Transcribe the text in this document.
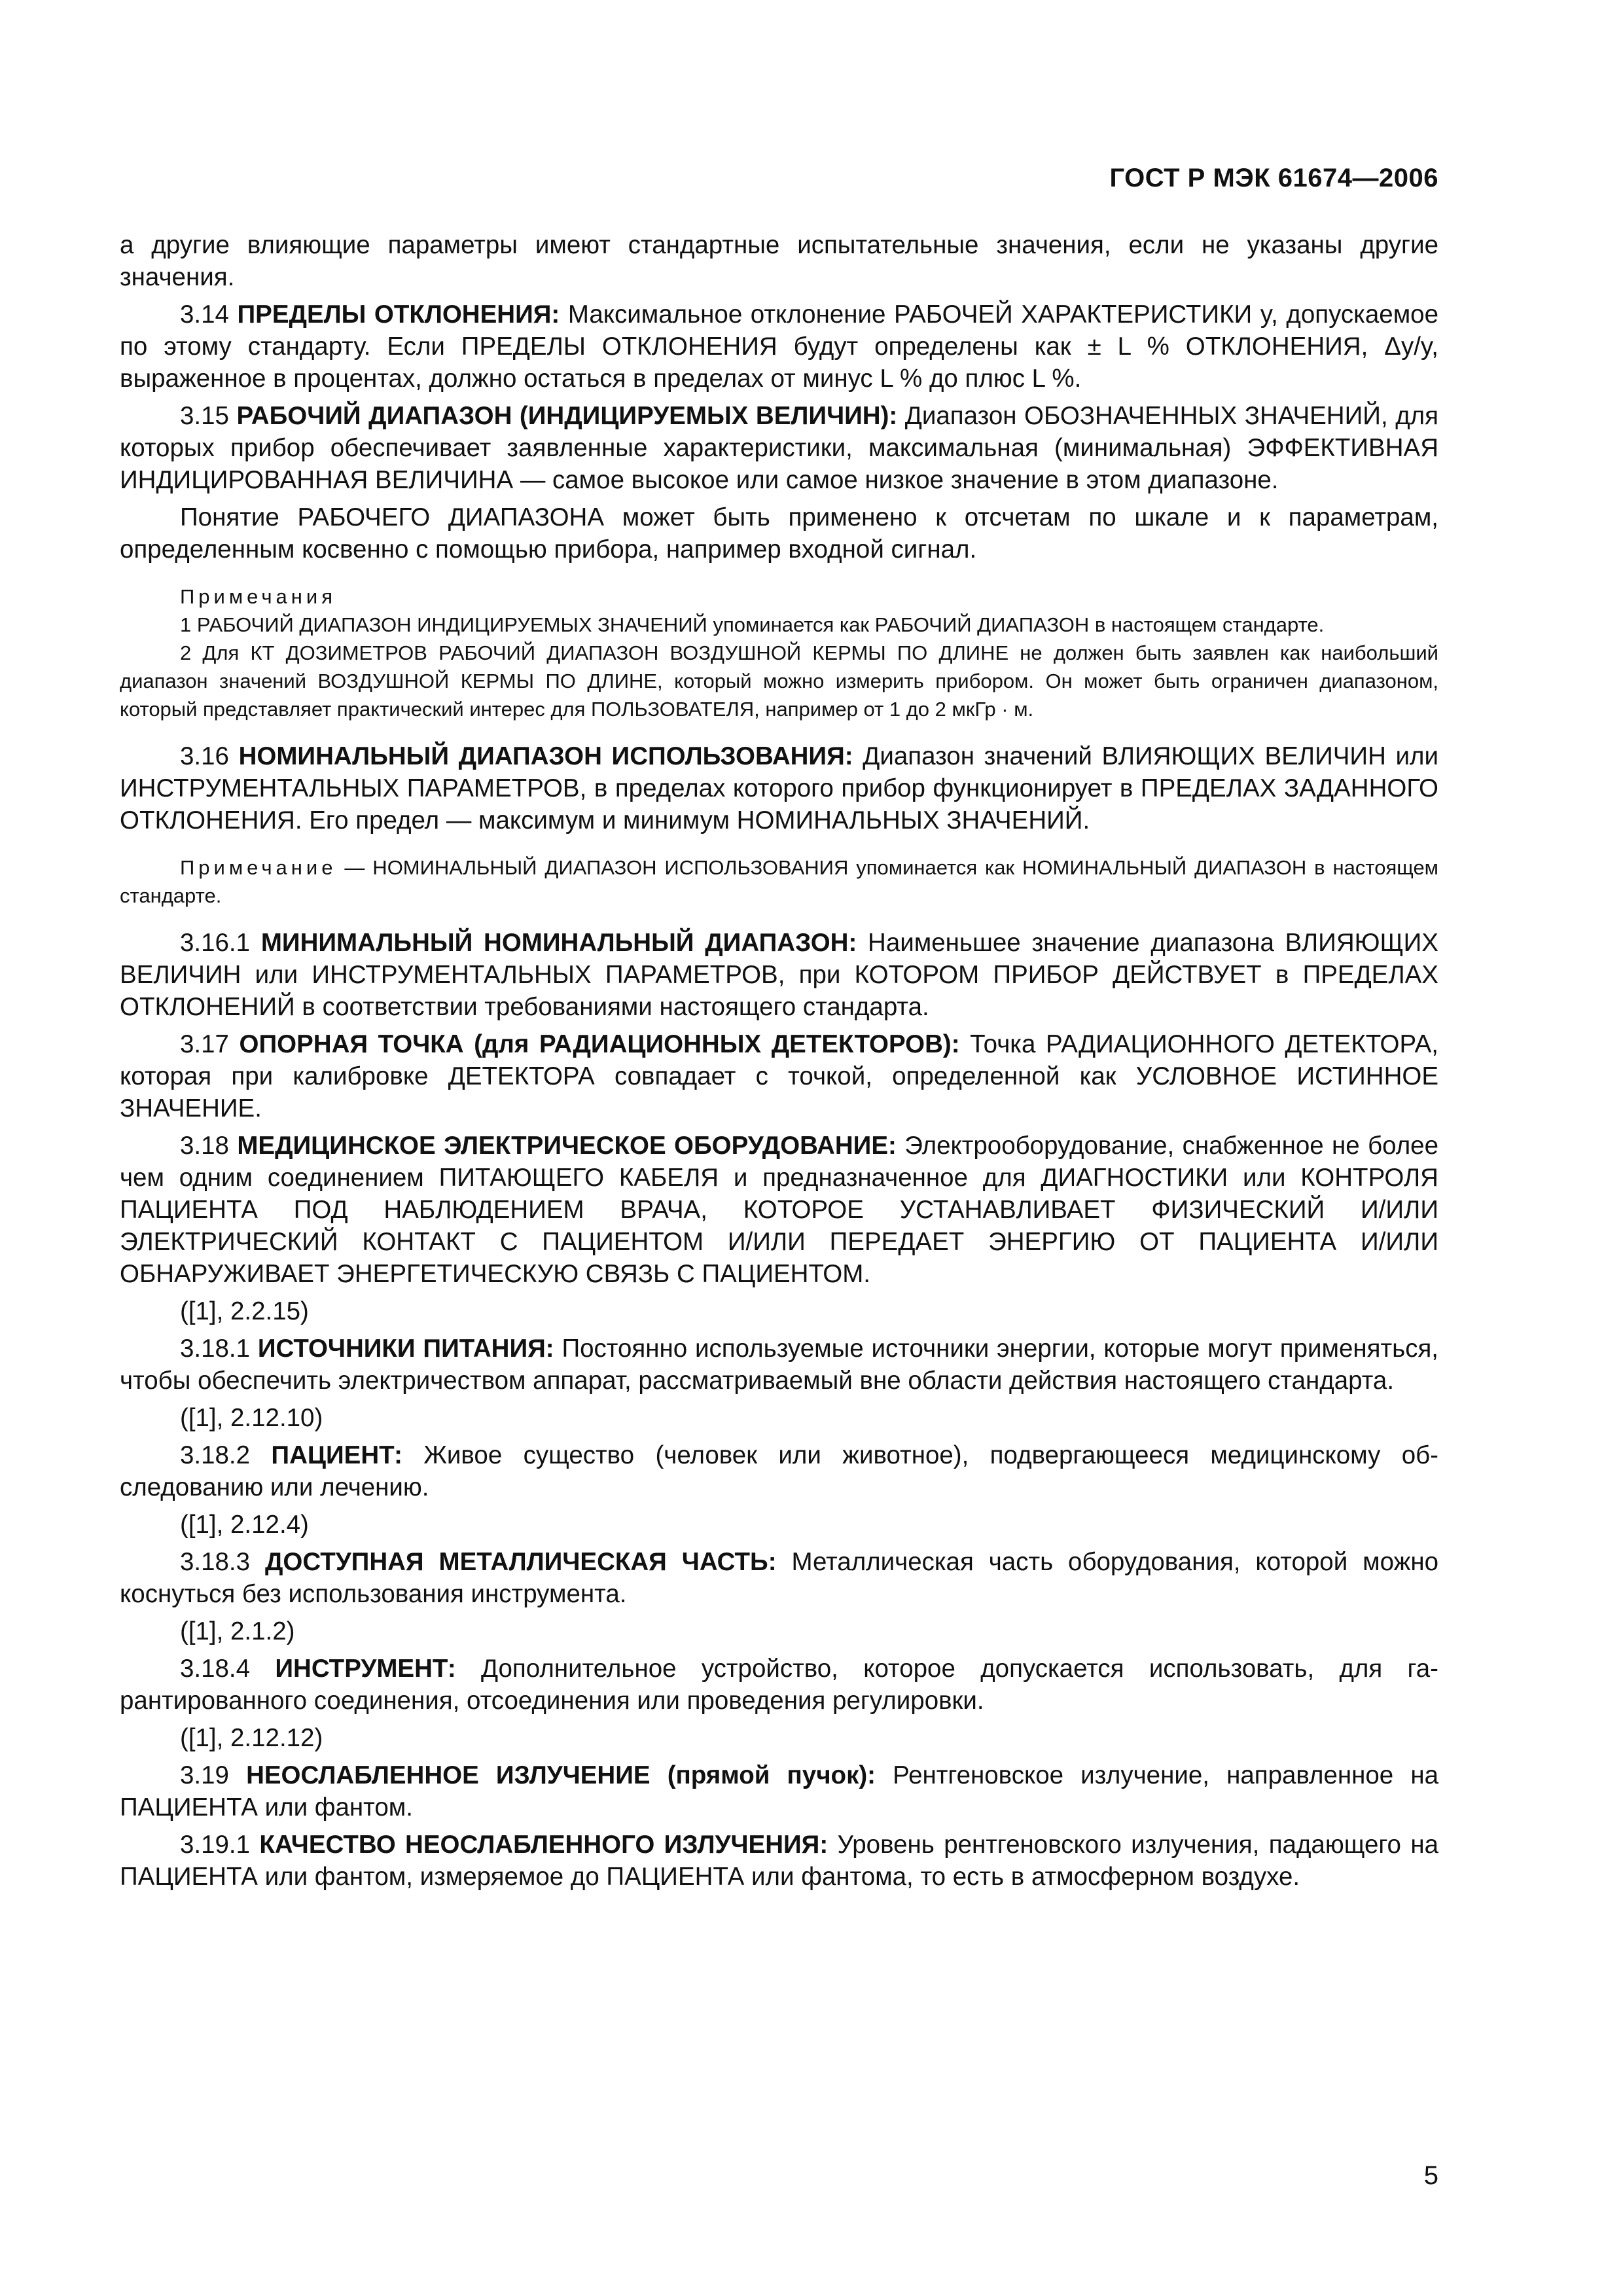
ГОСТ Р МЭК 61674—2006

а другие влияющие параметры имеют стандартные испытательные значения, если не указаны другие значения.

3.14 ПРЕДЕЛЫ ОТКЛОНЕНИЯ: Максимальное отклонение РАБОЧЕЙ ХАРАКТЕРИСТИКИ y, допускаемое по этому стандарту. Если ПРЕДЕЛЫ ОТКЛОНЕНИЯ будут определены как ± L % ОТКЛОНЕНИЯ, Δy/y, выраженное в процентах, должно остаться в пределах от минус L % до плюс L %.

3.15 РАБОЧИЙ ДИАПАЗОН (ИНДИЦИРУЕМЫХ ВЕЛИЧИН): Диапазон ОБОЗНАЧЕННЫХ ЗНАЧЕНИЙ, для которых прибор обеспечивает заявленные характеристики, максимальная (минимальная) ЭФФЕКТИВНАЯ ИНДИЦИРОВАННАЯ ВЕЛИЧИНА — самое высокое или самое низкое значение в этом диапазоне.

Понятие РАБОЧЕГО ДИАПАЗОНА может быть применено к отсчетам по шкале и к параметрам, определенным косвенно с помощью прибора, например входной сигнал.

Примечания

1 РАБОЧИЙ ДИАПАЗОН ИНДИЦИРУЕМЫХ ЗНАЧЕНИЙ упоминается как РАБОЧИЙ ДИАПАЗОН в настоящем стандарте.

2 Для КТ ДОЗИМЕТРОВ РАБОЧИЙ ДИАПАЗОН ВОЗДУШНОЙ КЕРМЫ ПО ДЛИНЕ не должен быть заявлен как наибольший диапазон значений ВОЗДУШНОЙ КЕРМЫ ПО ДЛИНЕ, который можно измерить прибором. Он может быть ограничен диапазоном, который представляет практический интерес для ПОЛЬЗОВАТЕЛЯ, например от 1 до 2 мкГр · м.

3.16 НОМИНАЛЬНЫЙ ДИАПАЗОН ИСПОЛЬЗОВАНИЯ: Диапазон значений ВЛИЯЮЩИХ ВЕЛИЧИН или ИНСТРУМЕНТАЛЬНЫХ ПАРАМЕТРОВ, в пределах которого прибор функционирует в ПРЕДЕЛАХ ЗАДАННОГО ОТКЛОНЕНИЯ. Его предел — максимум и минимум НОМИНАЛЬНЫХ ЗНАЧЕНИЙ.

Примечание — НОМИНАЛЬНЫЙ ДИАПАЗОН ИСПОЛЬЗОВАНИЯ упоминается как НОМИНАЛЬНЫЙ ДИАПАЗОН в настоящем стандарте.

3.16.1 МИНИМАЛЬНЫЙ НОМИНАЛЬНЫЙ ДИАПАЗОН: Наименьшее значение диапазона ВЛИЯЮЩИХ ВЕЛИЧИН или ИНСТРУМЕНТАЛЬНЫХ ПАРАМЕТРОВ, при КОТОРОМ ПРИБОР ДЕЙСТВУЕТ в ПРЕДЕЛАХ ОТКЛОНЕНИЙ в соответствии требованиями настоящего стандарта.

3.17 ОПОРНАЯ ТОЧКА (для РАДИАЦИОННЫХ ДЕТЕКТОРОВ): Точка РАДИАЦИОННОГО ДЕТЕКТОРА, которая при калибровке ДЕТЕКТОРА совпадает с точкой, определенной как УСЛОВНОЕ ИСТИННОЕ ЗНАЧЕНИЕ.

3.18 МЕДИЦИНСКОЕ ЭЛЕКТРИЧЕСКОЕ ОБОРУДОВАНИЕ: Электрооборудование, снабженное не более чем одним соединением ПИТАЮЩЕГО КАБЕЛЯ и предназначенное для ДИАГНОСТИКИ или КОНТРОЛЯ ПАЦИЕНТА ПОД НАБЛЮДЕНИЕМ ВРАЧА, КОТОРОЕ УСТАНАВЛИВАЕТ ФИЗИЧЕСКИЙ И/ИЛИ ЭЛЕКТРИЧЕСКИЙ КОНТАКТ С ПАЦИЕНТОМ И/ИЛИ ПЕРЕДАЕТ ЭНЕРГИЮ ОТ ПАЦИЕНТА И/ИЛИ ОБНАРУЖИВАЕТ ЭНЕРГЕТИЧЕСКУЮ СВЯЗЬ С ПАЦИЕНТОМ.

([1], 2.2.15)

3.18.1 ИСТОЧНИКИ ПИТАНИЯ: Постоянно используемые источники энергии, которые могут применяться, чтобы обеспечить электричеством аппарат, рассматриваемый вне области действия настоящего стандарта.

([1], 2.12.10)

3.18.2 ПАЦИЕНТ: Живое существо (человек или животное), подвергающееся медицинскому обследованию или лечению.

([1], 2.12.4)

3.18.3 ДОСТУПНАЯ МЕТАЛЛИЧЕСКАЯ ЧАСТЬ: Металлическая часть оборудования, которой можно коснуться без использования инструмента.

([1], 2.1.2)

3.18.4 ИНСТРУМЕНТ: Дополнительное устройство, которое допускается использовать, для гарантированного соединения, отсоединения или проведения регулировки.

([1], 2.12.12)

3.19 НЕОСЛАБЛЕННОЕ ИЗЛУЧЕНИЕ (прямой пучок): Рентгеновское излучение, направленное на ПАЦИЕНТА или фантом.

3.19.1 КАЧЕСТВО НЕОСЛАБЛЕННОГО ИЗЛУЧЕНИЯ: Уровень рентгеновского излучения, падающего на ПАЦИЕНТА или фантом, измеряемое до ПАЦИЕНТА или фантома, то есть в атмосферном воздухе.

5
